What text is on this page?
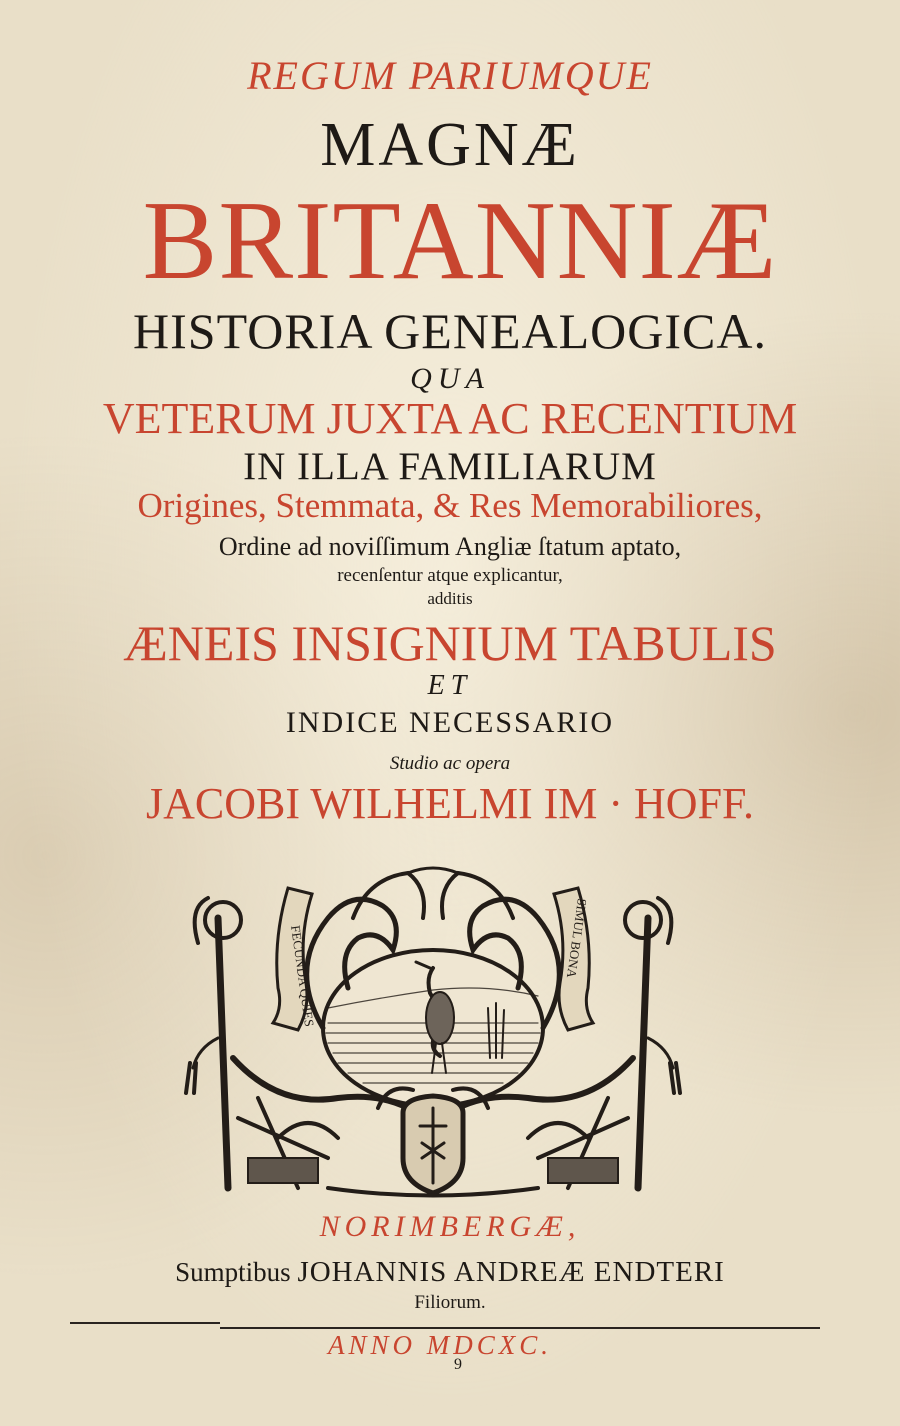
REGUM PARIUMQUE

MAGNÆ

BRITANNIÆ

HISTORIA GENEALOGICA.

QUA

VETERUM JUXTA AC RECENTIUM

IN ILLA FAMILIARUM

Origines, Stemmata, & Res Memorabiliores,

Ordine ad noviſſimum Angliæ ſtatum aptato,

recenſentur atque explicantur,

additis

ÆNEIS INSIGNIUM TABULIS

ET

INDICE NECESSARIO

Studio ac opera

JACOBI WILHELMI IM · HOFF.

FECUNDA QUIES	SIMUL BONA

NORIMBERGÆ,

Sumptibus JOHANNIS ANDREÆ ENDTERI

Filiorum.

ANNO MDCXC.

9
